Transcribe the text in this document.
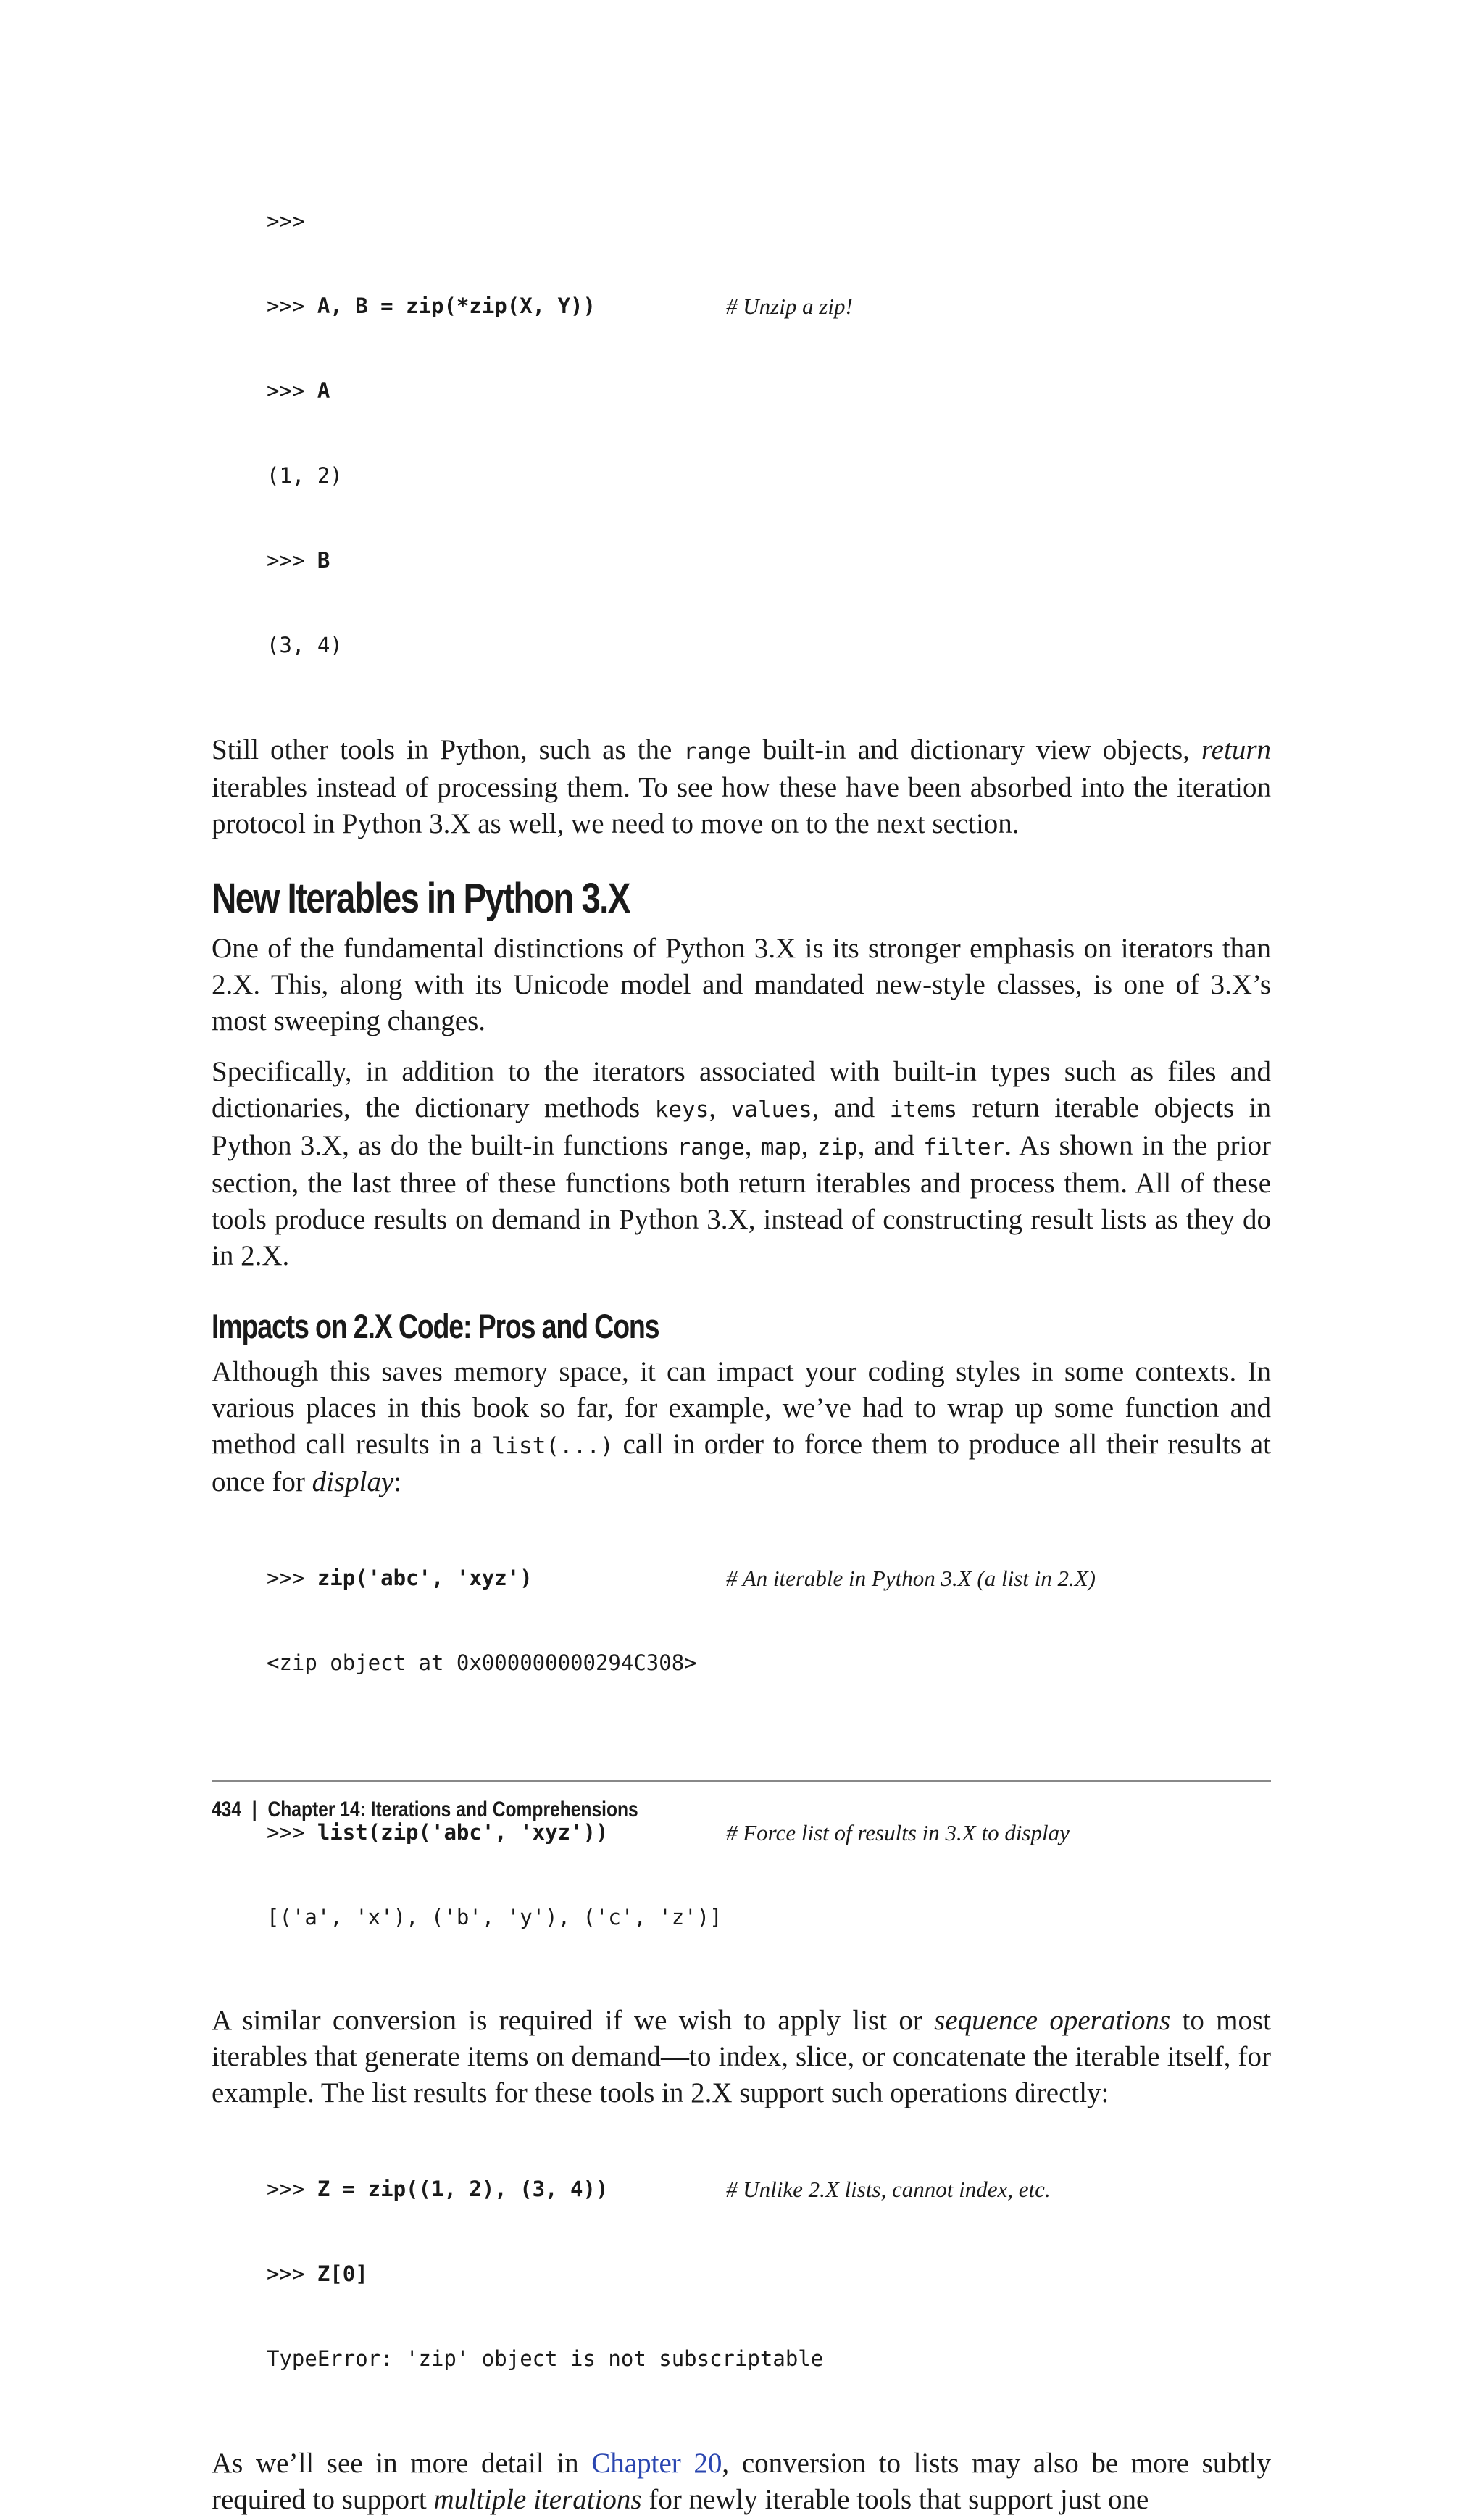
>>>

>>> A, B = zip(*zip(X, Y))	# Unzip a zip!

>>> A

(1, 2)

>>> B

(3, 4)

Still other tools in Python, such as the range built-in and dictionary view objects, return iterables instead of processing them. To see how these have been absorbed into the iteration protocol in Python 3.X as well, we need to move on to the next section.

New Iterables in Python 3.X

One of the fundamental distinctions of Python 3.X is its stronger emphasis on iterators than 2.X. This, along with its Unicode model and mandated new-style classes, is one of 3.X’s most sweeping changes.

Specifically, in addition to the iterators associated with built-in types such as files and dictionaries, the dictionary methods keys, values, and items return iterable objects in Python 3.X, as do the built-in functions range, map, zip, and filter. As shown in the prior section, the last three of these functions both return iterables and process them. All of these tools produce results on demand in Python 3.X, instead of constructing result lists as they do in 2.X.

Impacts on 2.X Code: Pros and Cons

Although this saves memory space, it can impact your coding styles in some contexts. In various places in this book so far, for example, we’ve had to wrap up some function and method call results in a list(...) call in order to force them to produce all their results at once for display:

>>> zip('abc', 'xyz')	# An iterable in Python 3.X (a list in 2.X)

<zip object at 0x000000000294C308>

>>> list(zip('abc', 'xyz'))	# Force list of results in 3.X to display

[('a', 'x'), ('b', 'y'), ('c', 'z')]

A similar conversion is required if we wish to apply list or sequence operations to most iterables that generate items on demand—to index, slice, or concatenate the iterable itself, for example. The list results for these tools in 2.X support such operations directly:

>>> Z = zip((1, 2), (3, 4))	# Unlike 2.X lists, cannot index, etc.

>>> Z[0]

TypeError: 'zip' object is not subscriptable

As we’ll see in more detail in Chapter 20, conversion to lists may also be more subtly required to support multiple iterations for newly iterable tools that support just one

434 | Chapter 14: Iterations and Comprehensions
